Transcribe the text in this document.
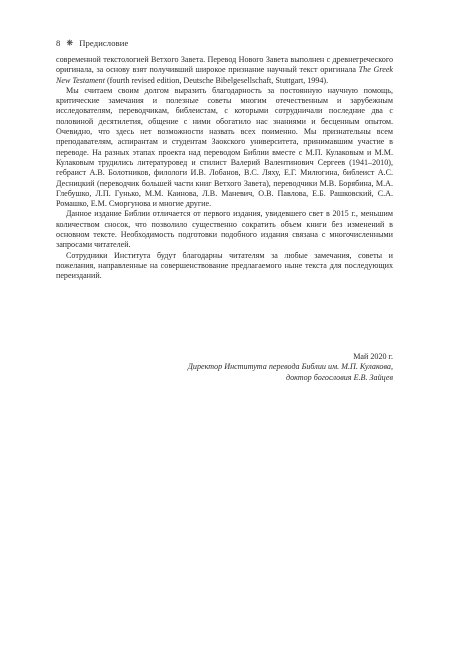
8 ❋ Предисловие

современной текстологией Ветхого Завета. Перевод Нового Завета выполнен с древнегреческого оригинала, за основу взят получивший широкое признание научный текст оригинала The Greek New Testament (fourth revised edition, Deutsche Bibelgesellschaft, Stuttgart, 1994).

Мы считаем своим долгом выразить благодарность за постоянную научную помощь, критические замечания и полезные советы многим отечественным и зарубежным исследователям, переводчикам, библеистам, с которыми сотрудничали последние два с половиной десятилетия, общение с ними обогатило нас знаниями и бесценным опытом. Очевидно, что здесь нет возможности назвать всех поименно. Мы признательны всем преподавателям, аспирантам и студентам Заокского университета, принимавшим участие в переводе. На разных этапах проекта над переводом Библии вместе с М.П. Кулаковым и М.М. Кулаковым трудились литературовед и стилист Валерий Валентинович Сергеев (1941–2010), гебраист А.В. Болотников, филологи И.В. Лобанов, В.С. Ляху, Е.Г. Милюгина, библеист А.С. Десницкий (переводчик большей части книг Ветхого Завета), переводчики М.В. Борябина, М.А. Глебушко, Л.П. Гунько, М.М. Каинова, Л.В. Маневич, О.В. Павлова, Е.Б. Рашковский, С.А. Ромашко, Е.М. Сморгунова и многие другие.

Данное издание Библии отличается от первого издания, увидевшего свет в 2015 г., меньшим количеством сносок, что позволило существенно сократить объем книги без изменений в основном тексте. Необходимость подготовки подобного издания связана с многочисленными запросами читателей.

Сотрудники Института будут благодарны читателям за любые замечания, советы и пожелания, направленные на совершенствование предлагаемого ныне текста для последующих переизданий.

Май 2020 г.
Директор Института перевода Библии им. М.П. Кулакова,
доктор богословия Е.В. Зайцев
